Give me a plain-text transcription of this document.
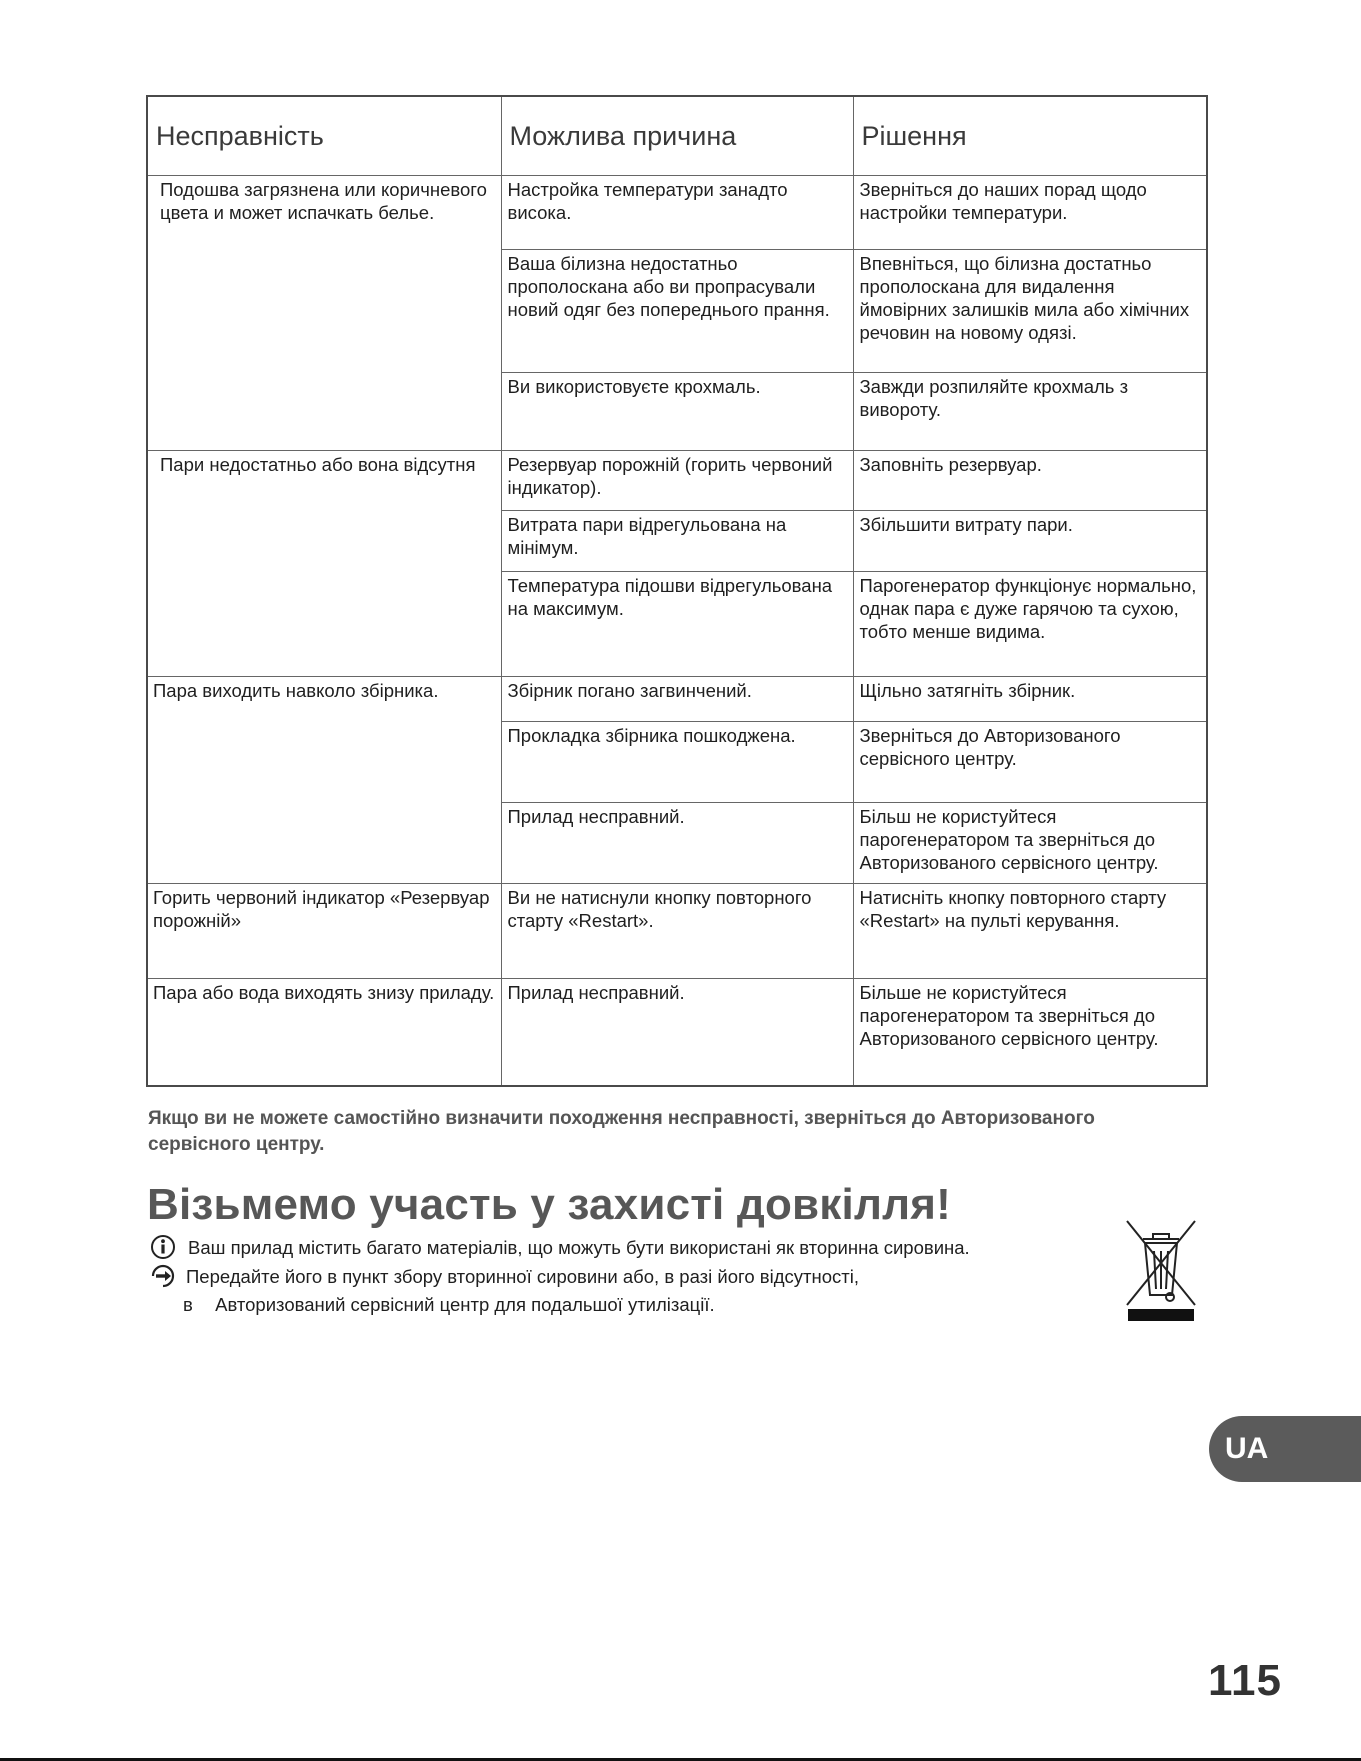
Несправність	Можлива причина	Рішення
Подошва загрязнена или коричневого цвета и может испачкать белье.	Настройка температури занадто висока.	Зверніться до наших порад щодо настройки температури.
	Ваша білизна недостатньо прополоскана або ви пропрасували новий одяг без попереднього прання.	Впевніться, що білизна достатньо прополоскана для видалення ймовірних залишків мила або хімічних речовин на новому одязі.
	Ви використовуєте крохмаль.	Завжди розпиляйте крохмаль з вивороту.
Пари недостатньо або вона відсутня	Резервуар порожній (горить червоний індикатор).	Заповніть резервуар.
	Витрата пари відрегульована на мінімум.	Збільшити витрату пари.
	Температура підошви відрегульована на максимум.	Парогенератор функціонує нормально, однак пара є дуже гарячою та сухою, тобто менше видима.
Пара виходить навколо збірника.	Збірник погано загвинчений.	Щільно затягніть збірник.
	Прокладка збірника пошкоджена.	Зверніться до Авторизованого сервісного центру.
	Прилад несправний.	Більш не користуйтеся парогенератором та зверніться до Авторизованого сервісного центру.
Горить червоний індикатор «Резервуар порожній»	Ви не натиснули кнопку повторного старту «Restart».	Натисніть кнопку повторного старту «Restart» на пульті керування.
Пара або вода виходять знизу приладу.	Прилад несправний.	Більше не користуйтеся парогенератором та зверніться до Авторизованого сервісного центру.
Якщо ви не можете самостійно визначити походження несправності, зверніться до Авторизованого сервісного центру.
Візьмемо участь у захисті довкілля!
Ваш прилад містить багато матеріалів, що можуть бути використані як вторинна сировина.
Передайте його в пункт збору вторинної сировини або, в разі його відсутності,
в Авторизований сервісний центр для подальшої утилізації.
UA
115
